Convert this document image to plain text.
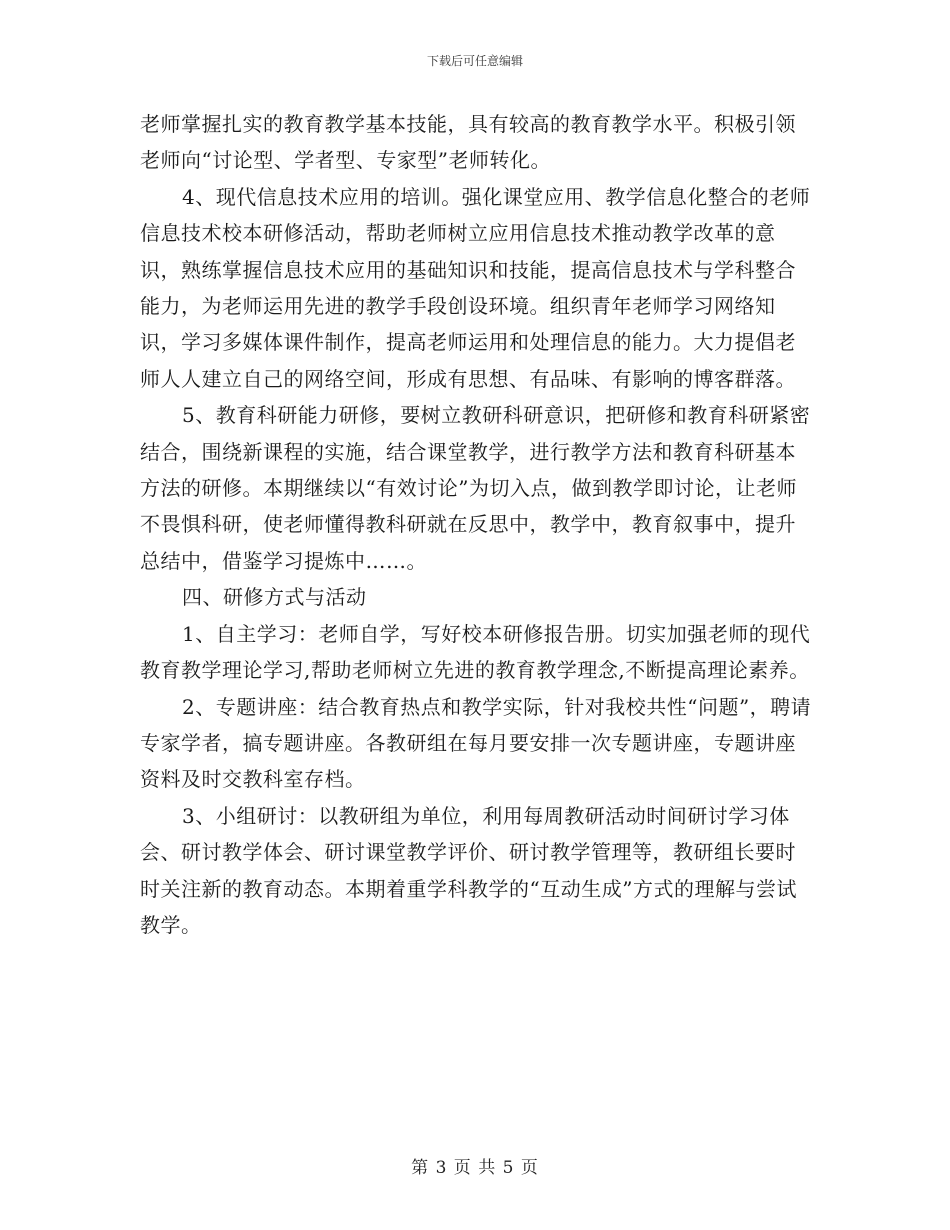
下载后可任意编辑

老师掌握扎实的教育教学基本技能，具有较高的教育教学水平。积极引领老师向“讨论型、学者型、专家型”老师转化。

4、现代信息技术应用的培训。强化课堂应用、教学信息化整合的老师信息技术校本研修活动，帮助老师树立应用信息技术推动教学改革的意识，熟练掌握信息技术应用的基础知识和技能，提高信息技术与学科整合能力，为老师运用先进的教学手段创设环境。组织青年老师学习网络知识，学习多媒体课件制作，提高老师运用和处理信息的能力。大力提倡老师人人建立自己的网络空间，形成有思想、有品味、有影响的博客群落。

5、教育科研能力研修，要树立教研科研意识，把研修和教育科研紧密结合，围绕新课程的实施，结合课堂教学，进行教学方法和教育科研基本方法的研修。本期继续以“有效讨论”为切入点，做到教学即讨论，让老师不畏惧科研，使老师懂得教科研就在反思中，教学中，教育叙事中，提升总结中，借鉴学习提炼中……。

四、研修方式与活动

1、自主学习：老师自学，写好校本研修报告册。切实加强老师的现代教育教学理论学习,帮助老师树立先进的教育教学理念,不断提高理论素养。

2、专题讲座：结合教育热点和教学实际，针对我校共性“问题”，聘请专家学者，搞专题讲座。各教研组在每月要安排一次专题讲座，专题讲座资料及时交教科室存档。

3、小组研讨：以教研组为单位，利用每周教研活动时间研讨学习体会、研讨教学体会、研讨课堂教学评价、研讨教学管理等，教研组长要时时关注新的教育动态。本期着重学科教学的“互动生成”方式的理解与尝试教学。

第 3 页 共 5 页
